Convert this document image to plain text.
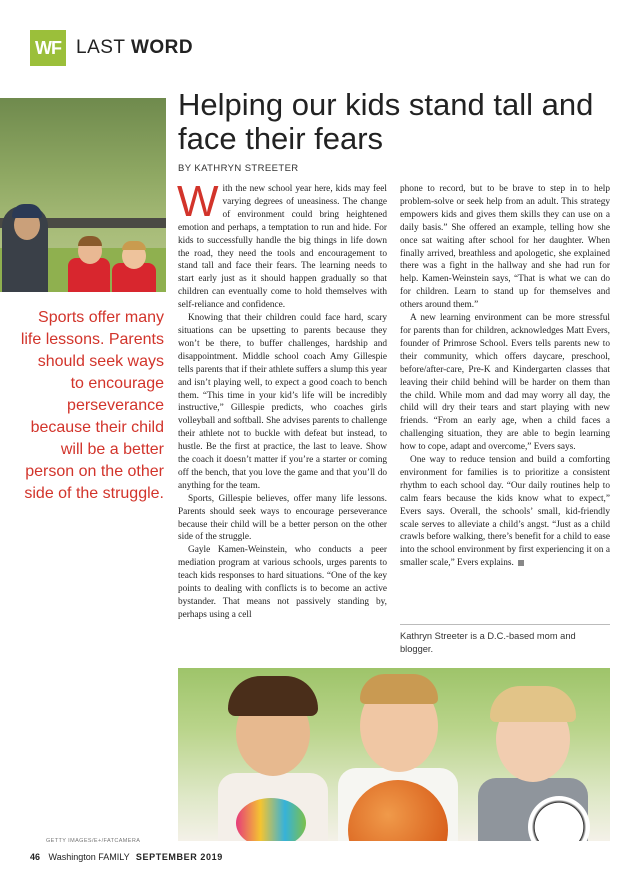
WF LAST WORD
Sports offer many life lessons. Parents should seek ways to encourage perseverance because their child will be a better person on the other side of the struggle.
Helping our kids stand tall and face their fears
BY KATHRYN STREETER

With the new school year here, kids may feel varying degrees of uneasiness. The change of environment could bring heightened emotion and perhaps, a temptation to run and hide. For kids to successfully handle the big things in life down the road, they need the tools and encouragement to stand tall and face their fears. The learning needs to start early just as it should happen gradually so that children can eventually come to hold themselves with self-reliance and confidence.

Knowing that their children could face hard, scary situations can be upsetting to parents because they won’t be there, to buffer challenges, hardship and disappointment. Middle school coach Amy Gillespie tells parents that if their athlete suffers a slump this year and isn’t playing well, to expect a good coach to bench them. “This time in your kid’s life will be incredibly instructive,” Gillespie predicts, who coaches girls volleyball and softball. She advises parents to challenge their athlete not to buckle with defeat but instead, to hustle. Be the first at practice, the last to leave. Show the coach it doesn’t matter if you’re a starter or coming off the bench, that you love the game and that you’ll do anything for the team.

Sports, Gillespie believes, offer many life lessons. Parents should seek ways to encourage perseverance because their child will be a better person on the other side of the struggle.

Gayle Kamen-Weinstein, who conducts a peer mediation program at various schools, urges parents to teach kids responses to hard situations. “One of the key points to dealing with conflicts is to become an active bystander. That means not passively standing by, perhaps using a cell

phone to record, but to be brave to step in to help problem-solve or seek help from an adult. This strategy empowers kids and gives them skills they can use on a daily basis.” She offered an example, telling how she once sat waiting after school for her daughter. When finally arrived, breathless and apologetic, she explained there was a fight in the hallway and she had run for help. Kamen-Weinstein says, “That is what we can do for children. Learn to stand up for themselves and others around them.”

A new learning environment can be more stressful for parents than for children, acknowledges Matt Evers, founder of Primrose School. Evers tells parents new to their community, which offers daycare, preschool, before/after-care, Pre-K and Kindergarten classes that leaving their child behind will be harder on them than the child. While mom and dad may worry all day, the child will dry their tears and start playing with new friends. “From an early age, when a child faces a challenging situation, they are able to begin learning how to cope, adapt and overcome,” Evers says.

One way to reduce tension and build a comforting environment for families is to prioritize a consistent rhythm to each school day. “Our daily routines help to calm fears because the kids know what to expect,” Evers says. Overall, the schools’ small, kid-friendly scale serves to alleviate a child’s angst. “Just as a child crawls before walking, there’s benefit for a child to ease into the school environment by first experiencing it on a smaller scale,” Evers explains.

Kathryn Streeter is a D.C.-based mom and blogger.
GETTY IMAGES/E+/FATCAMERA
46 Washington FAMILY SEPTEMBER 2019
